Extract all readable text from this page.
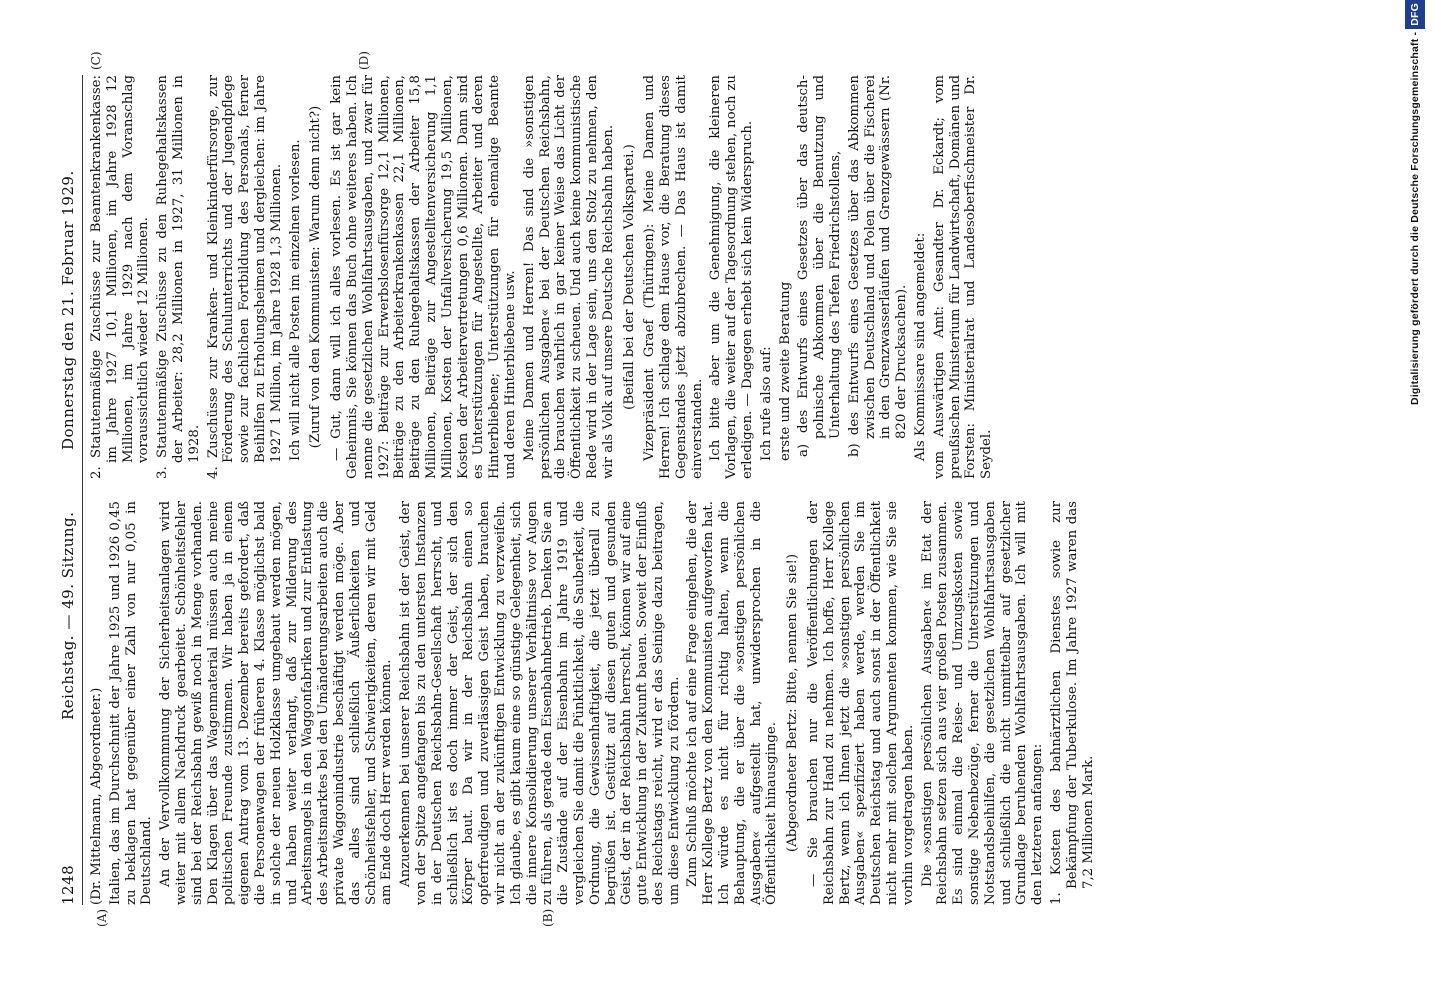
1248
Reichstag. — 49. Sitzung.
Donnerstag den 21. Februar 1929.
(A)	(B)
(C)	(D)

(Dr. Mittelmann, Abgeordneter.) Italien, das im Durchschnitt der Jahre 1925 und 1926 0,45 zu beklagen hat gegenüber einer Zahl von nur 0,05 in Deutschland. An der Vervollkommnung der Sicherheitsanlagen wird weiter mit allem Nachdruck gearbeitet. Schönheitsfehler sind bei der Reichsbahn gewiß noch in Menge vorhanden. Den Klagen über das Wagenmaterial müssen auch meine politischen Freunde zustimmen. Wir haben ja in einem eigenen Antrag vom 13. Dezember bereits gefordert, daß die Personenwagen der früheren 4. Klasse möglichst bald in solche der neuen Holzklasse umgebaut werden mögen, und haben weiter verlangt, daß zur Milderung des Arbeitsmangels in den Waggonfabriken und zur Entlastung des Arbeitsmarktes bei den Umänderungsarbeiten auch die private Waggonindustrie beschäftigt werden möge. Aber das alles sind schließlich Äußerlichkeiten und Schönheitsfehler, und Schwierigkeiten, deren wir mit Geld am Ende doch Herr werden können. Anzuerkennen bei unserer Reichsbahn ist der Geist, der von der Spitze angefangen bis zu den untersten Instanzen in der Deutschen Reichsbahn-Gesellschaft herrscht, und schließlich ist es doch immer der Geist, der sich den Körper baut. Da wir in der Reichsbahn einen so opferfreudigen und zuverlässigen Geist haben, brauchen wir nicht an der zukünftigen Entwicklung zu verzweifeln. Ich glaube, es gibt kaum eine so günstige Gelegenheit, sich die innere Konsolidierung unserer Verhältnisse vor Augen zu führen, als gerade den Eisenbahnbetrieb. Denken Sie an die Zustände auf der Eisenbahn im Jahre 1919 und vergleichen Sie damit die Pünktlichkeit, die Sauberkeit, die Ordnung, die Gewissenhaftigkeit, die jetzt überall zu begrüßen ist. Gestützt auf diesen guten und gesunden Geist, der in der Reichsbahn herrscht, können wir auf eine gute Entwicklung in der Zukunft bauen. Soweit der Einfluß des Reichstags reicht, wird er das Seinige dazu beitragen, um diese Entwicklung zu fördern. Zum Schluß möchte ich auf eine Frage eingehen, die der Herr Kollege Bertz von den Kommunisten aufgeworfen hat. Ich würde es nicht für richtig halten, wenn die Behauptung, die er über die »sonstigen persönlichen Ausgaben« aufgestellt hat, unwidersprochen in die Öffentlichkeit hinausginge. (Abgeordneter Bertz: Bitte, nennen Sie sie!) — Sie brauchen nur die Veröffentlichungen der Reichsbahn zur Hand zu nehmen. Ich hoffe, Herr Kollege Bertz, wenn ich Ihnen jetzt die »sonstigen persönlichen Ausgaben« spezifiziert haben werde, werden Sie im Deutschen Reichstag und auch sonst in der Öffentlichkeit nicht mehr mit solchen Argumenten kommen, wie Sie sie vorhin vorgetragen haben. Die »sonstigen persönlichen Ausgaben« im Etat der Reichsbahn setzen sich aus vier großen Posten zusammen. Es sind einmal die Reise- und Umzugskosten sowie sonstige Nebenbezüge, ferner die Unterstützungen und Notstandsbeihilfen, die gesetzlichen Wohlfahrtsausgaben und schließlich die nicht unmittelbar auf gesetzlicher Grundlage beruhenden Wohlfahrtsausgaben. Ich will mit den letzteren anfangen: 1. Kosten des bahnärztlichen Dienstes sowie zur Bekämpfung der Tuberkulose. Im Jahre 1927 waren das 7,2 Millionen Mark.

2. Statutenmäßige Zuschüsse zur Beamtenkrankenkasse: im Jahre 1927 10,1 Millionen, im Jahre 1928 12 Millionen, im Jahre 1929 nach dem Voranschlag voraussichtlich wieder 12 Millionen. 3. Statutenmäßige Zuschüsse zu den Ruhegehaltskassen der Arbeiter: 28,2 Millionen in 1927, 31 Millionen in 1928. 4. Zuschüsse zur Kranken- und Kleinkinderfürsorge, zur Förderung des Schulunterrichts und der Jugendpflege sowie zur fachlichen Fortbildung des Personals, ferner Beihilfen zu Erholungsheimen und dergleichen: im Jahre 1927 1 Million, im Jahre 1928 1,3 Millionen. Ich will nicht alle Posten im einzelnen vorlesen. (Zuruf von den Kommunisten: Warum denn nicht?) — Gut, dann will ich alles vorlesen. Es ist gar kein Geheimnis, Sie können das Buch ohne weiteres haben. Ich nenne die gesetzlichen Wohlfahrtsausgaben, und zwar für 1927: Beiträge zur Erwerbslosenfürsorge 12,1 Millionen, Beiträge zu den Arbeiterkrankenkassen 22,1 Millionen, Beiträge zu den Ruhegehaltskassen der Arbeiter 15,8 Millionen, Beiträge zur Angestelltenversicherung 1,1 Millionen, Kosten der Unfallversicherung 19,5 Millionen, Kosten der Arbeitervertretungen 0,6 Millionen. Dann sind es Unterstützungen für Angestellte, Arbeiter und deren Hinterbliebene; Unterstützungen für ehemalige Beamte und deren Hinterbliebene usw. Meine Damen und Herren! Das sind die »sonstigen persönlichen Ausgaben« bei der Deutschen Reichsbahn, die brauchen wahrlich in gar keiner Weise das Licht der Öffentlichkeit zu scheuen. Und auch keine kommunistische Rede wird in der Lage sein, uns den Stolz zu nehmen, den wir als Volk auf unsere Deutsche Reichsbahn haben. (Beifall bei der Deutschen Volkspartei.) Vizepräsident Graef (Thüringen): Meine Damen und Herren! Ich schlage dem Hause vor, die Beratung dieses Gegenstandes jetzt abzubrechen. — Das Haus ist damit einverstanden. Ich bitte aber um die Genehmigung, die kleineren Vorlagen, die weiter auf der Tagesordnung stehen, noch zu erledigen. — Dagegen erhebt sich kein Widerspruch. Ich rufe also auf: erste und zweite Beratung a) des Entwurfs eines Gesetzes über das deutsch-polnische Abkommen über die Benutzung und Unterhaltung des Tiefen Friedrichstollens, b) des Entwurfs eines Gesetzes über das Abkommen zwischen Deutschland und Polen über die Fischerei in den Grenzwasserläufen und Grenzgewässern (Nr. 820 der Drucksachen). Als Kommissare sind angemeldet: vom Auswärtigen Amt: Gesandter Dr. Eckardt; vom preußischen Ministerium für Landwirtschaft, Domänen und Forsten: Ministerialrat und Landesoberfischmeister Dr. Seydel.

Digitalisierung gefördert durch die Deutsche Forschungsgemeinschaft -DFG
